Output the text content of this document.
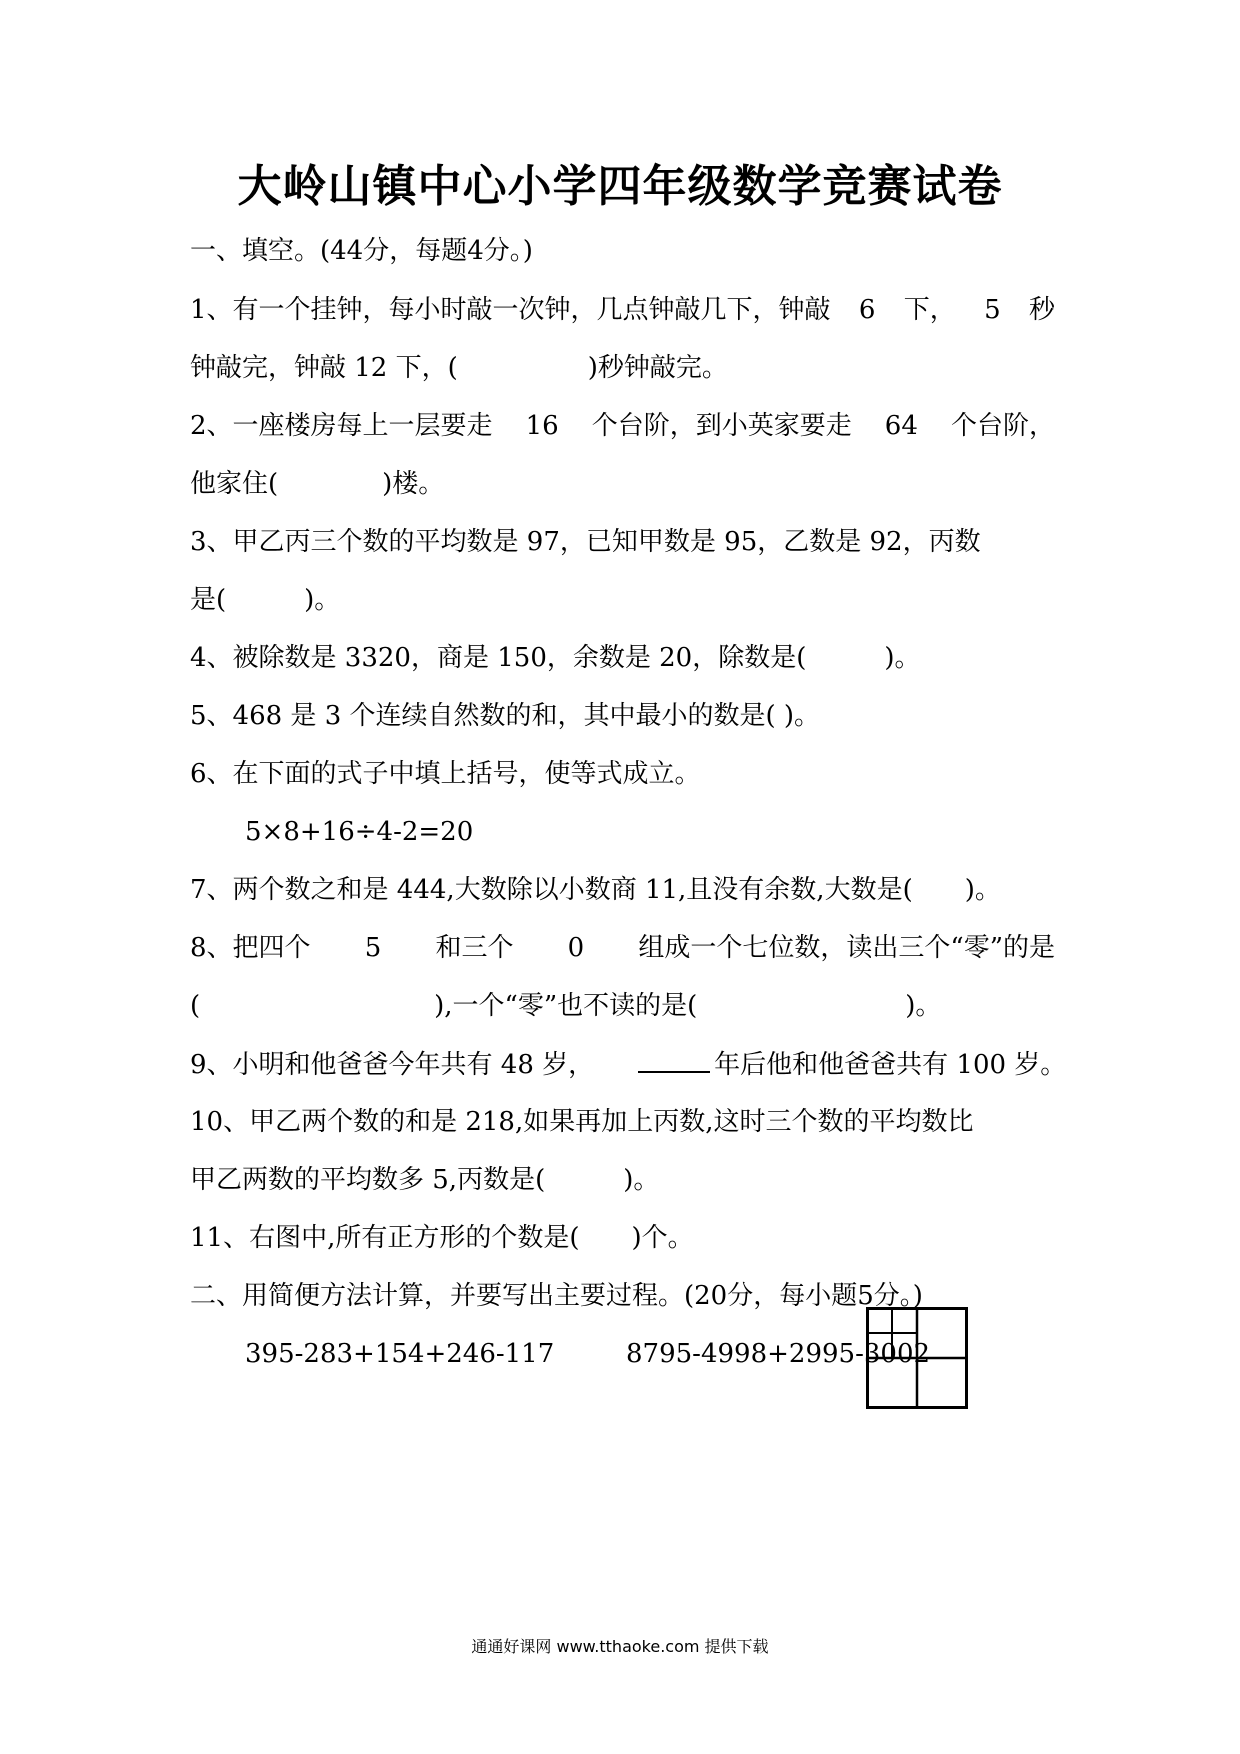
大岭山镇中心小学四年级数学竞赛试卷
一、填空。(44分，每题4分。)
1、有一个挂钟，每小时敲一次钟，几点钟敲几下，钟敲 6 下， 5 秒
钟敲完，钟敲 12 下，(　　　　　)秒钟敲完。
2、一座楼房每上一层要走 16 个台阶，到小英家要走 64 个台阶，
他家住(　　　　)楼。
3、甲乙丙三个数的平均数是 97，已知甲数是 95，乙数是 92，丙数
是(　　　)。
4、被除数是 3320，商是 150，余数是 20，除数是(　　　)。
5、468 是 3 个连续自然数的和，其中最小的数是( )。
6、在下面的式子中填上括号，使等式成立。
5×8+16÷4-2=20
7、两个数之和是 444,大数除以小数商 11,且没有余数,大数是(　　)。
8、把四个 5 和三个 0 组成一个七位数，读出三个“零”的是
(　　　　　　　　　),一个“零”也不读的是(　　　　　　　　)。
9、小明和他爸爸今年共有 48 岁，	年后他和他爸爸共有 100 岁。
10、甲乙两个数的和是 218,如果再加上丙数,这时三个数的平均数比
甲乙两数的平均数多 5,丙数是(　　　)。
11、右图中,所有正方形的个数是(　　)个。
二、用简便方法计算，并要写出主要过程。(20分，每小题5分。)
395-283+154+246-117	8795-4998+2995-3002
通通好课网 www.tthaoke.com 提供下载
